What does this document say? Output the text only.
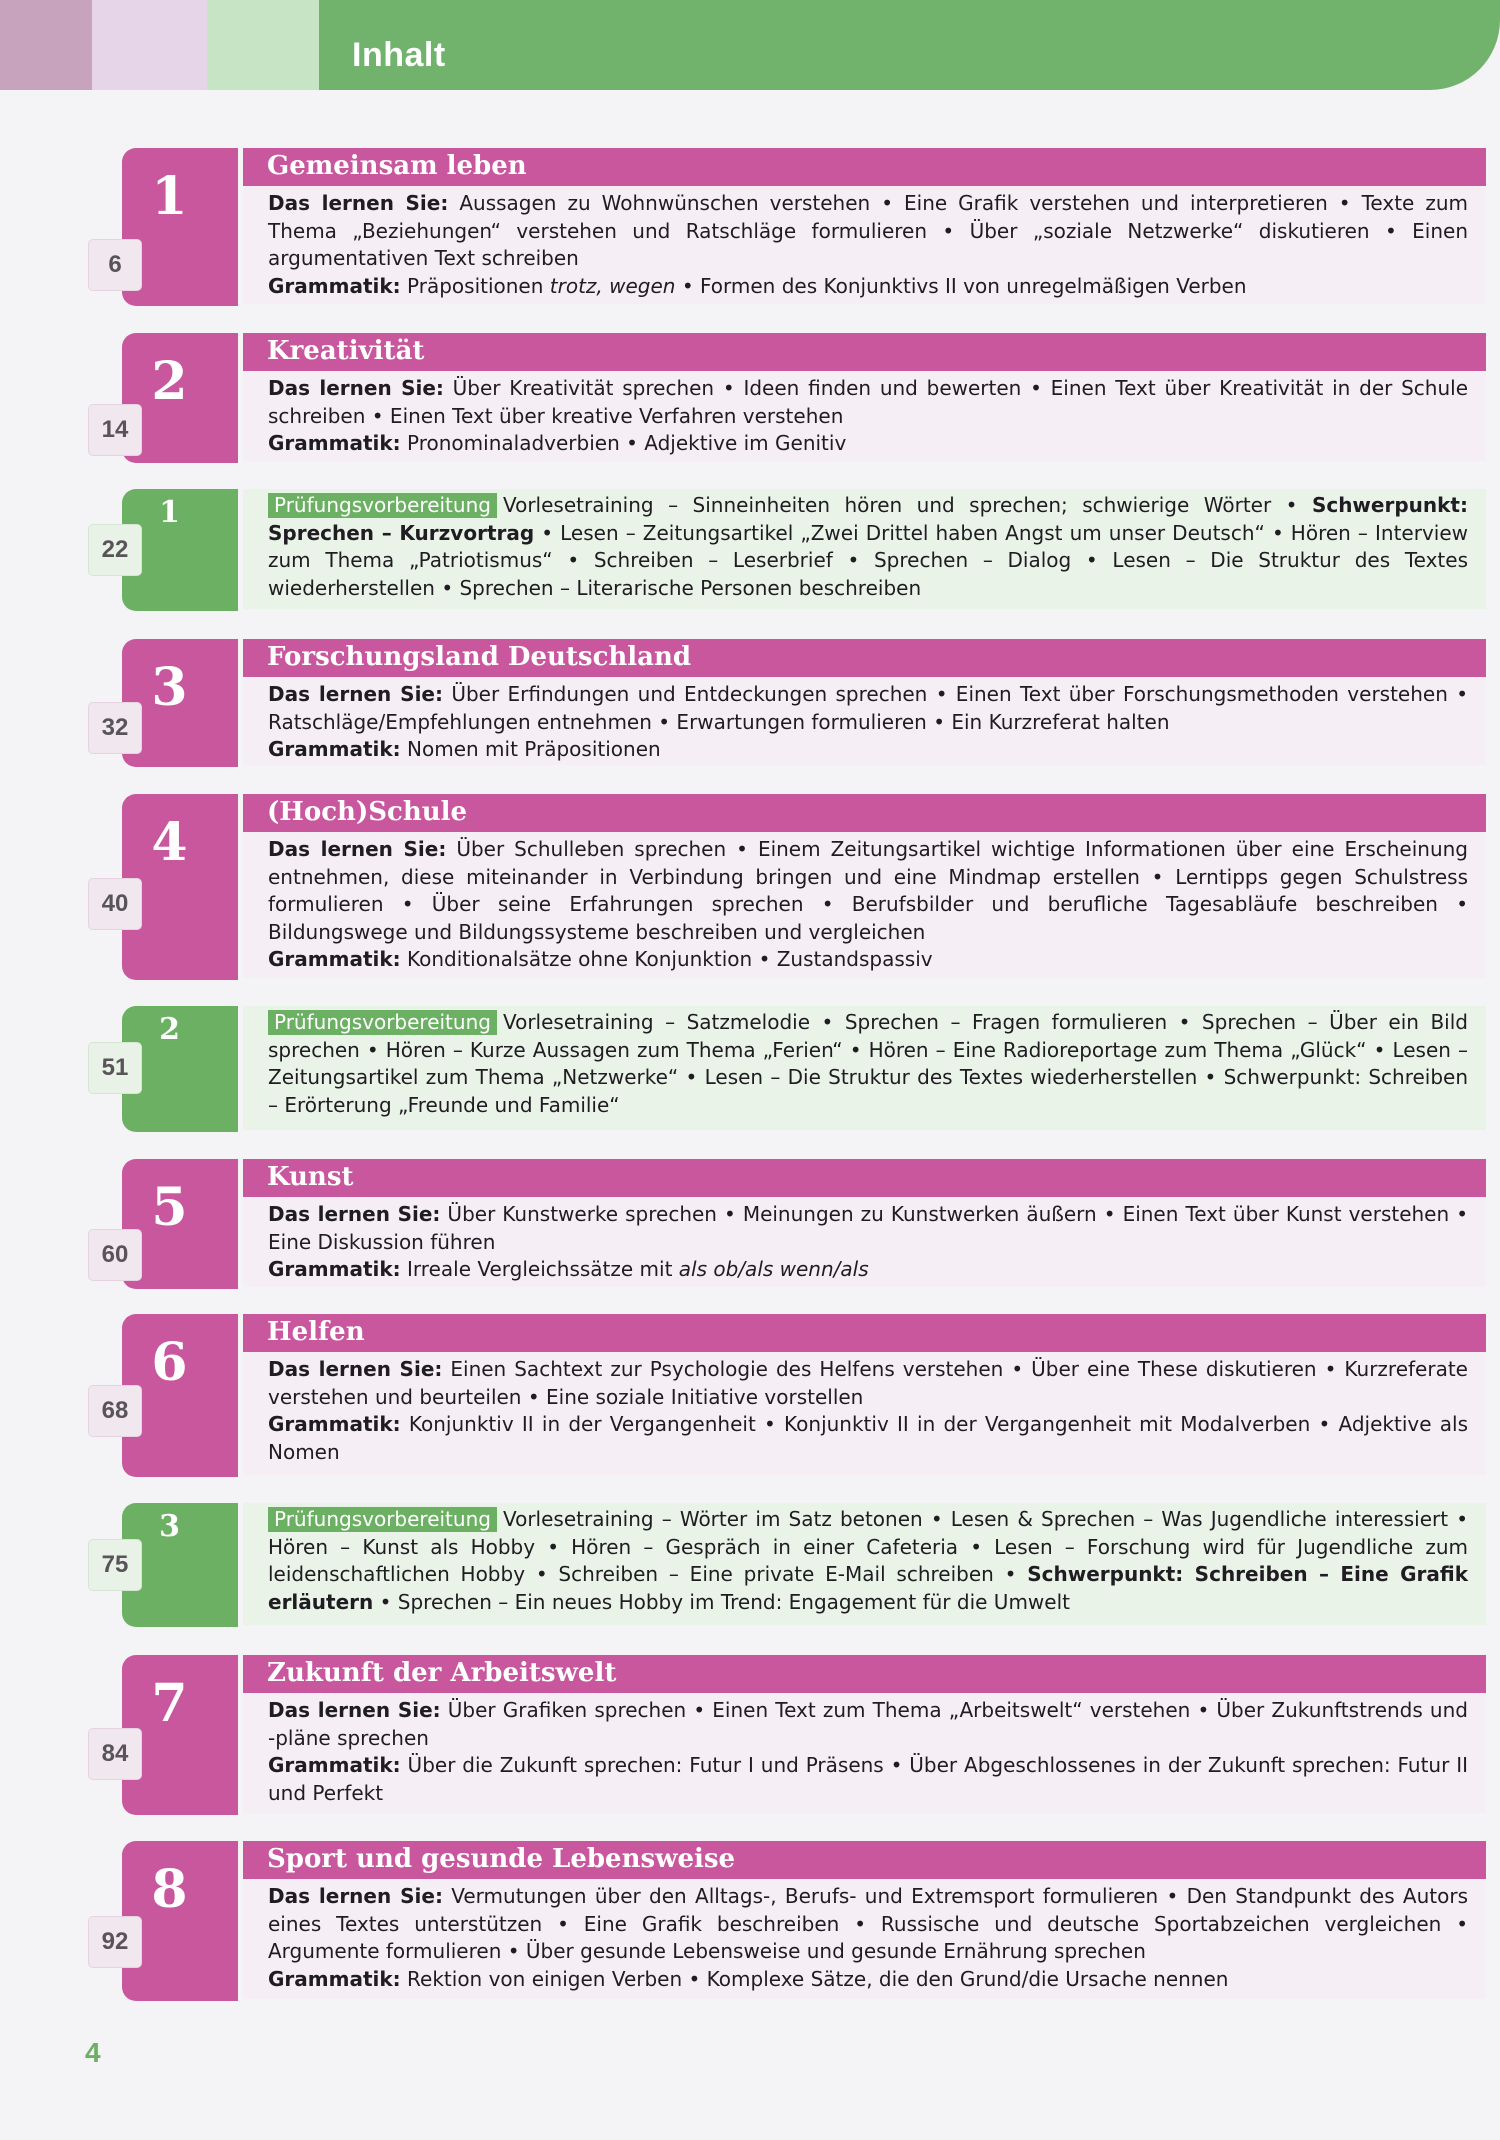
Inhalt
1
6
Gemeinsam leben
Das lernen Sie: Aussagen zu Wohnwünschen verstehen • Eine Grafik verstehen und interpretieren • Texte zum Thema „Beziehungen“ verstehen und Ratschläge formulieren • Über „soziale Netzwerke“ diskutieren • Einen argumentativen Text schreiben
Grammatik: Präpositionen trotz, wegen • Formen des Konjunktivs II von unregelmäßigen Verben
2
14
Kreativität
Das lernen Sie: Über Kreativität sprechen • Ideen finden und bewerten • Einen Text über Kreativität in der Schule schreiben • Einen Text über kreative Verfahren verstehen
Grammatik: Pronominaladverbien • Adjektive im Genitiv
1
22
Prüfungsvorbereitung Vorlesetraining – Sinneinheiten hören und sprechen; schwierige Wörter • Schwerpunkt: Sprechen – Kurzvortrag • Lesen – Zeitungsartikel „Zwei Drittel haben Angst um unser Deutsch“ • Hören – Interview zum Thema „Patriotismus“ • Schreiben – Leserbrief • Sprechen – Dialog • Lesen – Die Struktur des Textes wiederherstellen • Sprechen – Literarische Personen beschreiben
3
32
Forschungsland Deutschland
Das lernen Sie: Über Erfindungen und Entdeckungen sprechen • Einen Text über Forschungsmethoden verstehen • Ratschläge/Empfehlungen entnehmen • Erwartungen formulieren • Ein Kurzreferat halten
Grammatik: Nomen mit Präpositionen
4
40
(Hoch)Schule
Das lernen Sie: Über Schulleben sprechen • Einem Zeitungsartikel wichtige Informationen über eine Erscheinung entnehmen, diese miteinander in Verbindung bringen und eine Mindmap erstellen • Lerntipps gegen Schulstress formulieren • Über seine Erfahrungen sprechen • Berufsbilder und berufliche Tagesabläufe beschreiben • Bildungswege und Bildungssysteme beschreiben und vergleichen
Grammatik: Konditionalsätze ohne Konjunktion • Zustandspassiv
2
51
Prüfungsvorbereitung Vorlesetraining – Satzmelodie • Sprechen – Fragen formulieren • Sprechen – Über ein Bild sprechen • Hören – Kurze Aussagen zum Thema „Ferien“ • Hören – Eine Radioreportage zum Thema „Glück“ • Lesen – Zeitungsartikel zum Thema „Netzwerke“ • Lesen – Die Struktur des Textes wiederherstellen • Schwerpunkt: Schreiben – Erörterung „Freunde und Familie“
5
60
Kunst
Das lernen Sie: Über Kunstwerke sprechen • Meinungen zu Kunstwerken äußern • Einen Text über Kunst verstehen • Eine Diskussion führen
Grammatik: Irreale Vergleichssätze mit als ob/als wenn/als
6
68
Helfen
Das lernen Sie: Einen Sachtext zur Psychologie des Helfens verstehen • Über eine These diskutieren • Kurzreferate verstehen und beurteilen • Eine soziale Initiative vorstellen
Grammatik: Konjunktiv II in der Vergangenheit • Konjunktiv II in der Vergangenheit mit Modalverben • Adjektive als Nomen
3
75
Prüfungsvorbereitung Vorlesetraining – Wörter im Satz betonen • Lesen & Sprechen – Was Jugendliche interessiert • Hören – Kunst als Hobby • Hören – Gespräch in einer Cafeteria • Lesen – Forschung wird für Jugendliche zum leidenschaftlichen Hobby • Schreiben – Eine private E-Mail schreiben • Schwerpunkt: Schreiben – Eine Grafik erläutern • Sprechen – Ein neues Hobby im Trend: Engagement für die Umwelt
7
84
Zukunft der Arbeitswelt
Das lernen Sie: Über Grafiken sprechen • Einen Text zum Thema „Arbeitswelt“ verstehen • Über Zukunftstrends und -pläne sprechen
Grammatik: Über die Zukunft sprechen: Futur I und Präsens • Über Abgeschlossenes in der Zukunft sprechen: Futur II und Perfekt
8
92
Sport und gesunde Lebensweise
Das lernen Sie: Vermutungen über den Alltags-, Berufs- und Extremsport formulieren • Den Standpunkt des Autors eines Textes unterstützen • Eine Grafik beschreiben • Russische und deutsche Sportabzeichen vergleichen • Argumente formulieren • Über gesunde Lebensweise und gesunde Ernährung sprechen
Grammatik: Rektion von einigen Verben • Komplexe Sätze, die den Grund/die Ursache nennen
4
